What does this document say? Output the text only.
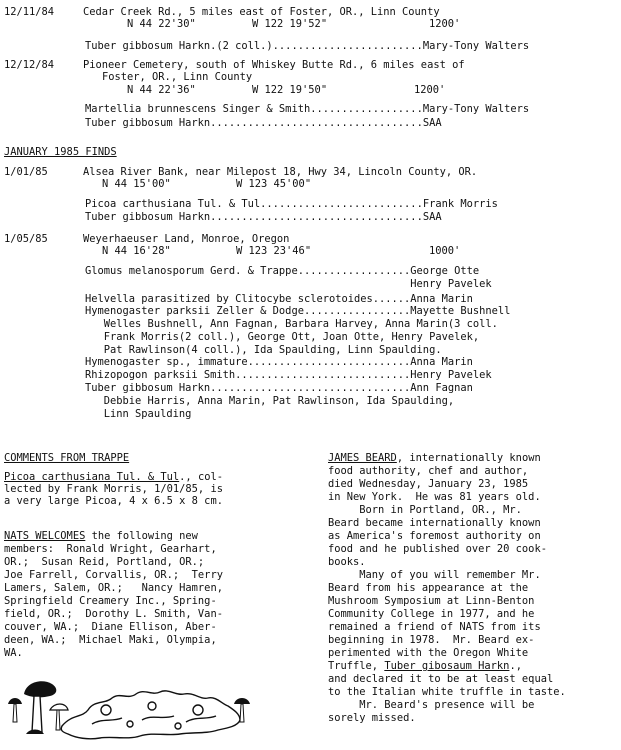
12/11/84	Cedar Creek Rd., 5 miles east of Foster, OR., Linn County
N 44 22'30"	W 122 19'52"	1200'
Tuber gibbosum Harkn.(2 coll.)........................Mary-Tony Walters
12/12/84	Pioneer Cemetery, south of Whiskey Butte Rd., 6 miles east of
Foster, OR., Linn County
N 44 22'36"	W 122 19'50"	1200'
Martellia brunnescens Singer & Smith..................Mary-Tony Walters
Tuber gibbosum Harkn..................................SAA
JANUARY 1985 FINDS
1/01/85	Alsea River Bank, near Milepost 18, Hwy 34, Lincoln County, OR.
N 44 15'00"	W 123 45'00"
Picoa carthusiana Tul. & Tul..........................Frank Morris
Tuber gibbosum Harkn..................................SAA
1/05/85	Weyerhaeuser Land, Monroe, Oregon
N 44 16'28"	W 123 23'46"	1000'
Glomus melanosporum Gerd. & Trappe..................George Otte
Henry Pavelek
Helvella parasitized by Clitocybe sclerotoides......Anna Marin
Hymenogaster parksii Zeller & Dodge.................Mayette Bushnell
Welles Bushnell, Ann Fagnan, Barbara Harvey, Anna Marin(3 coll.
Frank Morris(2 coll.), George Ott, Joan Otte, Henry Pavelek,
Pat Rawlinson(4 coll.), Ida Spaulding, Linn Spaulding.
Hymenogaster sp., immature..........................Anna Marin
Rhizopogon parksii Smith............................Henry Pavelek
Tuber gibbosum Harkn................................Ann Fagnan
Debbie Harris, Anna Marin, Pat Rawlinson, Ida Spaulding,
Linn Spaulding
COMMENTS FROM TRAPPE
Picoa carthusiana Tul. & Tul., col-
lected by Frank Morris, 1/01/85, is
a very large Picoa, 4 x 6.5 x 8 cm.
NATS WELCOMES the following new
members:  Ronald Wright, Gearhart,
OR.;  Susan Reid, Portland, OR.;
Joe Farrell, Corvallis, OR.;  Terry
Lamers, Salem, OR.;   Nancy Hamren,
Springfield Creamery Inc., Spring-
field, OR.;  Dorothy L. Smith, Van-
couver, WA.;  Diane Ellison, Aber-
deen, WA.;  Michael Maki, Olympia,
WA.
JAMES BEARD, internationally known
food authority, chef and author,
died Wednesday, January 23, 1985
in New York.  He was 81 years old.
Born in Portland, OR., Mr.
Beard became internationally known
as America's foremost authority on
food and he published over 20 cook-
books.
Many of you will remember Mr.
Beard from his appearance at the
Mushroom Symposium at Linn-Benton
Community College in 1977, and he
remained a friend of NATS from its
beginning in 1978.  Mr. Beard ex-
perimented with the Oregon White
Truffle, Tuber gibosaum Harkn.,
and declared it to be at least equal
to the Italian white truffle in taste.
Mr. Beard's presence will be
sorely missed.
